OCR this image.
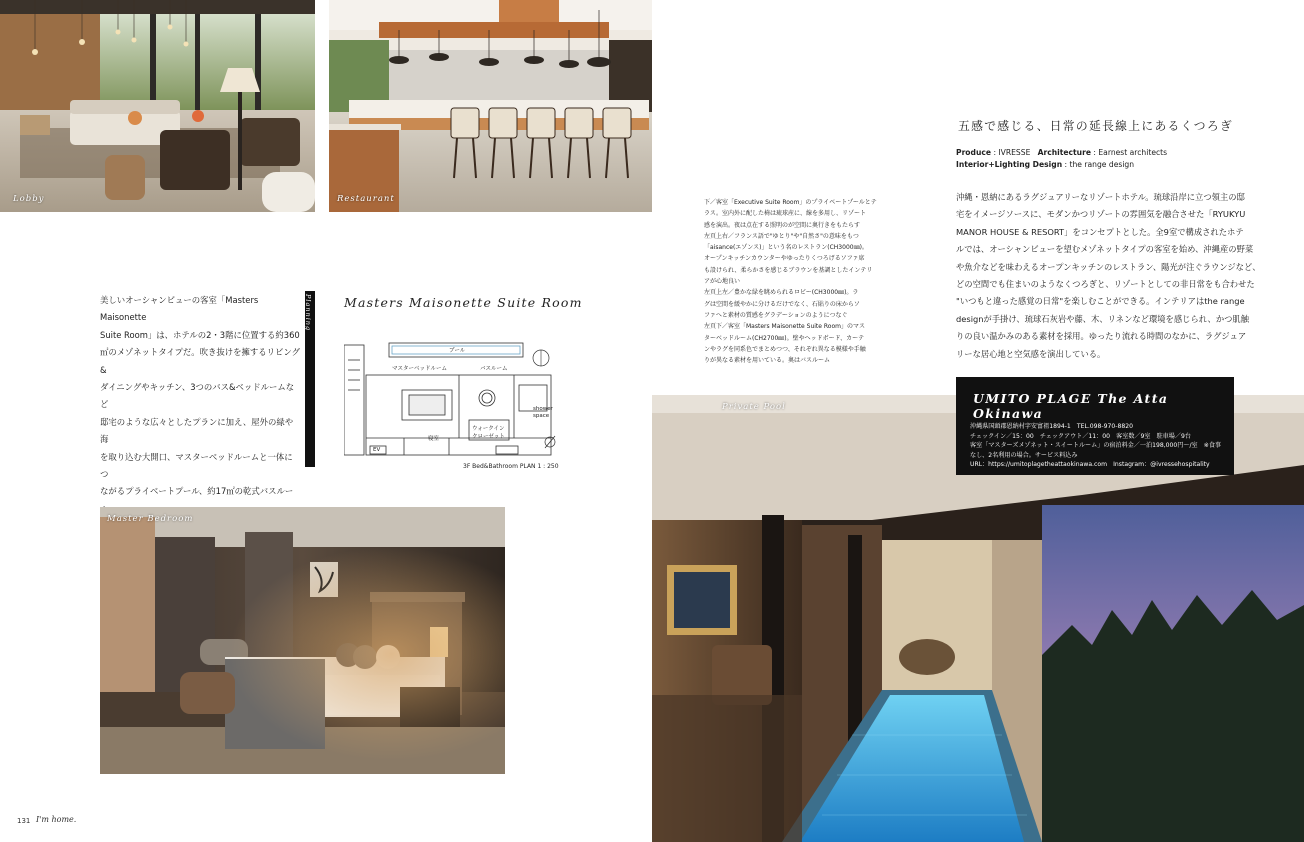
Lobby	Restaurant
美しいオーシャンビューの客室「Masters Maisonette
Suite Room」は、ホテルの2・3階に位置する約360
㎡のメゾネットタイプだ。吹き抜けを擁するリビング&
ダイニングやキッチン、3つのバス&ベッドルームなど
邸宅のような広々としたプランに加え、屋外の緑や海
を取り込む大開口、マスターベッドルームと一体につ
ながるプライベートプール、約17㎡の乾式バスルー

Planning	Masters Maisonette Suite Room
プール
マスターベッドルーム	バスルーム
寝室
ウォークイン
クローゼット
shower
space
EV
3F Bed&Bathroom PLAN 1 : 250
Master Bedroom
131 I'm home.
下／客室「Executive Suite Room」のプライベートプールとテ
ラス。室内外に配した椅は琉球産に、線を多用し、リゾート
感を演出。夜は点在する照明のが空間に奥行きをもたらす
左頁上右／フランス語で"ゆとり"や"自然さ"の意味をもつ
「aisance(エゾンス)」という名のレストラン(CH3000㎜)。
オープンキッチンカウンターやゆったりくつろげるソファ席
も設けられ、柔らかさを感じるブラウンを基調としたインテリ
アが心地良い
左頁上左／豊かな緑を眺められるロビー(CH3000㎜)。ラ
グは空間を緩やかに分けるだけでなく、石貼りの床からソ
ファへと素材の質感をグラデーションのようにつなぐ
左頁下／客室「Masters Maisonette Suite Room」のマス
ターベッドルーム(CH2700㎜)。壁やヘッドボード、カーテ
ンやラグを同系色でまとめつつ、それぞれ異なる模様や手触
りが異なる素材を用いている。奥はバスルーム
五感で感じる、日常の延長線上にあるくつろぎ
Produce : IVRESSE Architecture : Earnest architects
Interior+Lighting Design : the range design
沖縄・恩納にあるラグジュアリーなリゾートホテル。琉球沿岸に立つ領主の邸
宅をイメージソースに、モダンかつリゾートの雰囲気を融合させた「RYUKYU
MANOR HOUSE & RESORT」をコンセプトとした。全9室で構成されたホテ
ルでは、オーシャンビューを望むメゾネットタイプの客室を始め、沖縄産の野菜
や魚介などを味わえるオープンキッチンのレストラン、陽光が注ぐラウンジなど、
どの空間でも住まいのようなくつろぎと、リゾートとしての非日常をも合わせた
"いつもと違った感覚の日常"を楽しむことができる。インテリアはthe range
designが手掛け、琉球石灰岩や藤、木、リネンなど環境を感じられ、かつ肌触
りの良い温かみのある素材を採用。ゆったり流れる時間のなかに、ラグジュア
リーな居心地と空気感を演出している。
Private Pool
UMITO PLAGE The Atta Okinawa
沖縄県国頭郡恩納村字安富祖1894-1　TEL.098-970-8820
チェックイン／15：00　チェックアウト／11：00　客室数／9室　駐車場／9台
客室「マスターズメゾネット・スイートルーム」の宿泊料金／一泊198,000円～/室　※食事
なし、2名利用の場合。サービス料込み
URL：https://umitoplagetheattaokinawa.com　Instagram：@ivressehospitality
